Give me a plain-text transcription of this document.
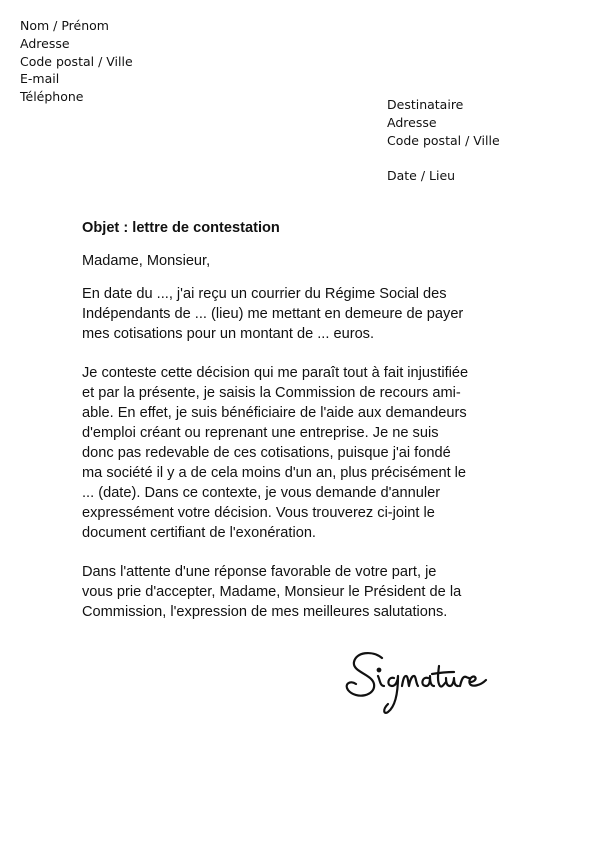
Nom / Prénom
Adresse
Code postal / Ville
E-mail
Téléphone
Destinataire
Adresse
Code postal / Ville
Date / Lieu
Objet : lettre de contestation
Madame, Monsieur,
En date du ..., j'ai reçu un courrier du Régime Social des
Indépendants de ... (lieu) me mettant en demeure de payer
mes cotisations pour un montant de ... euros.
Je conteste cette décision qui me paraît tout à fait injustifiée
et par la présente, je saisis la Commission de recours ami-
able. En effet, je suis bénéficiaire de l'aide aux demandeurs
d'emploi créant ou reprenant une entreprise. Je ne suis
donc pas redevable de ces cotisations, puisque j'ai fondé
ma société il y a de cela moins d'un an, plus précisément le
... (date). Dans ce contexte, je vous demande d'annuler
expressément votre décision. Vous trouverez ci-joint le
document certifiant de l'exonération.
Dans l'attente d'une réponse favorable de votre part, je
vous prie d'accepter, Madame, Monsieur le Président de la
Commission, l'expression de mes meilleures salutations.
